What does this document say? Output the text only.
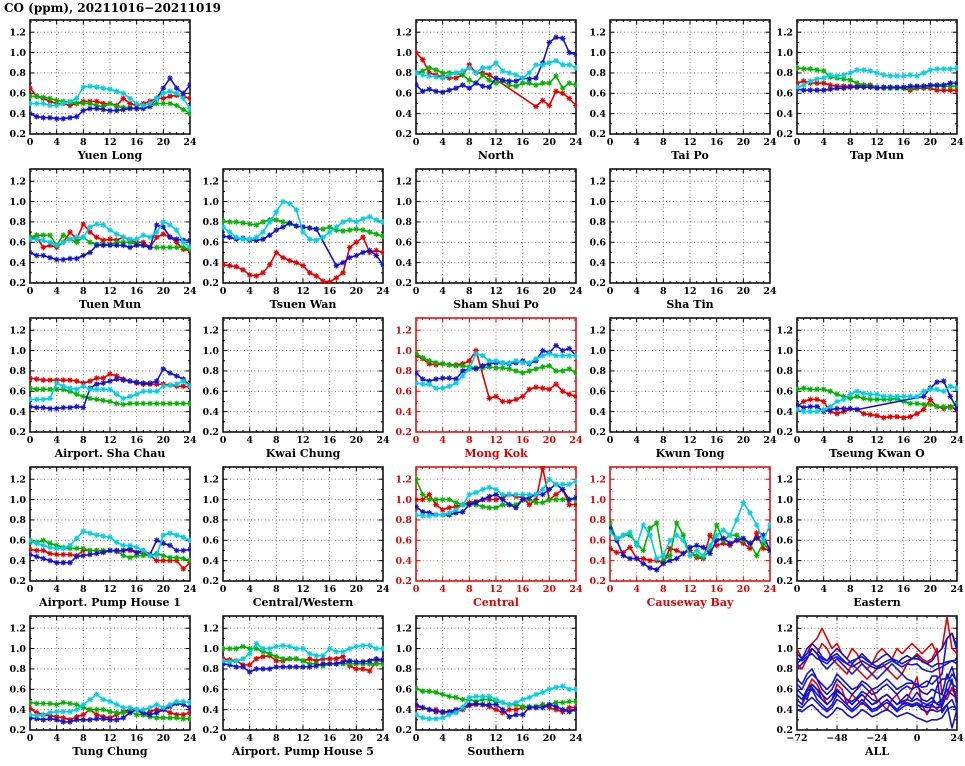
CO (ppm), 20211016−20211019
0.2
0.4
0.6
0.8
1.0
1.2
0 4 8 12 16 20 24
Yuen Long
0.2
0.4
0.6
0.8
1.0
1.2
0 4 8 12 16 20 24
North
0.2
0.4
0.6
0.8
1.0
1.2
0 4 8 12 16 20 24
Tai Po
0.2
0.4
0.6
0.8
1.0
1.2
0 4 8 12 16 20 24
Tap Mun
0.2
0.4
0.6
0.8
1.0
1.2
0 4 8 12 16 20 24
Tuen Mun
0.2
0.4
0.6
0.8
1.0
1.2
0 4 8 12 16 20 24
Tsuen Wan
0.2
0.4
0.6
0.8
1.0
1.2
0 4 8 12 16 20 24
Sham Shui Po
0.2
0.4
0.6
0.8
1.0
1.2
0 4 8 12 16 20 24
Sha Tin
0.2
0.4
0.6
0.8
1.0
1.2
0 4 8 12 16 20 24
Airport. Sha Chau
0.2
0.4
0.6
0.8
1.0
1.2
0 4 8 12 16 20 24
Kwai Chung
0.2
0.4
0.6
0.8
1.0
1.2
0 4 8 12 16 20 24
Mong Kok
0.2
0.4
0.6
0.8
1.0
1.2
0 4 8 12 16 20 24
Kwun Tong
0.2
0.4
0.6
0.8
1.0
1.2
0 4 8 12 16 20 24
Tseung Kwan O
0.2
0.4
0.6
0.8
1.0
1.2
0 4 8 12 16 20 24
Airport. Pump House 1
0.2
0.4
0.6
0.8
1.0
1.2
0 4 8 12 16 20 24
Central/Western
0.2
0.4
0.6
0.8
1.0
1.2
0 4 8 12 16 20 24
Central
0.2
0.4
0.6
0.8
1.0
1.2
0 4 8 12 16 20 24
Causeway Bay
0.2
0.4
0.6
0.8
1.0
1.2
0 4 8 12 16 20 24
Eastern
0.2
0.4
0.6
0.8
1.0
1.2
0 4 8 12 16 20 24
Tung Chung
0.2
0.4
0.6
0.8
1.0
1.2
0 4 8 12 16 20 24
Airport. Pump House 5
0.2
0.4
0.6
0.8
1.0
1.2
0 4 8 12 16 20 24
Southern
0.2
0.4
0.6
0.8
1.0
1.2
−72 −48 −24	0	24
ALL
